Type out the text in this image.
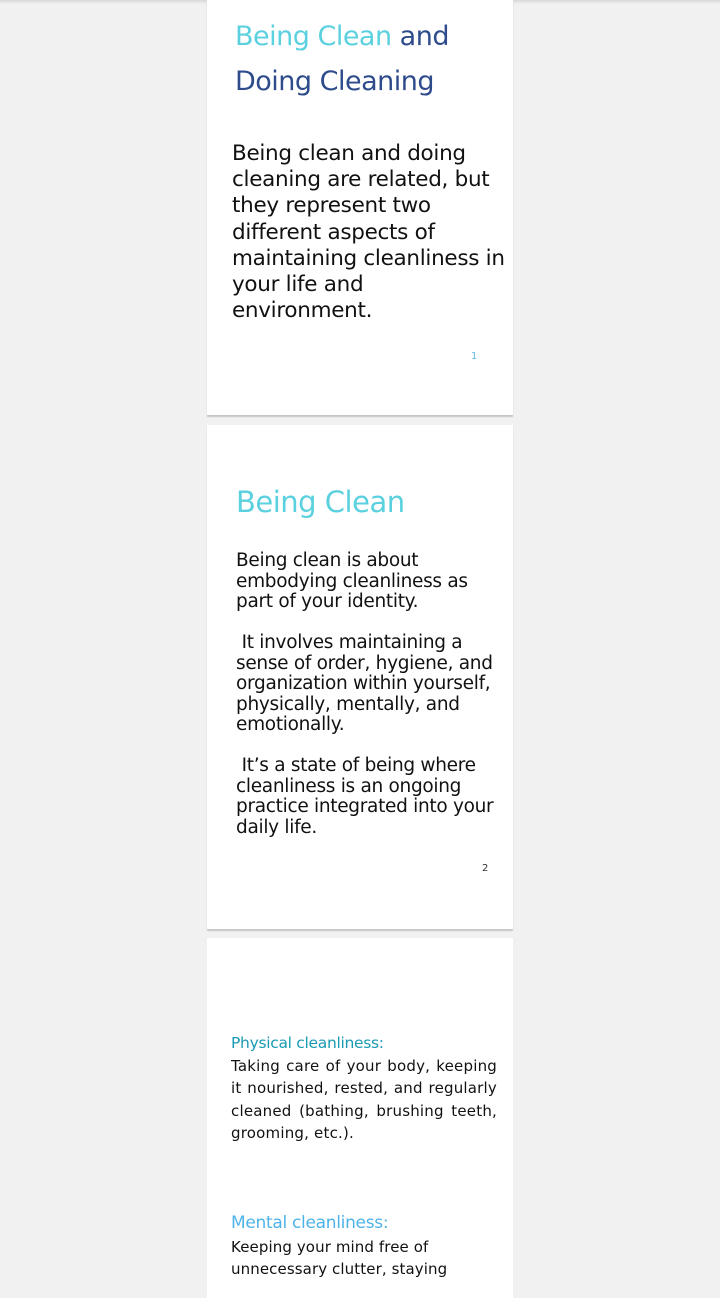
Being Clean and
Doing Cleaning

Being clean and doing cleaning are related, but they represent two different aspects of maintaining cleanliness in your life and environment.

1
Being Clean

Being clean is about embodying cleanliness as part of your identity.

It involves maintaining a sense of order, hygiene, and organization within yourself, physically, mentally, and emotionally.

It’s a state of being where cleanliness is an ongoing practice integrated into your daily life.

2
Physical cleanliness:

Taking care of your body, keeping it nourished, rested, and regularly cleaned (bathing, brushing teeth, grooming, etc.).

Mental cleanliness:

Keeping your mind free of unnecessary clutter, staying
